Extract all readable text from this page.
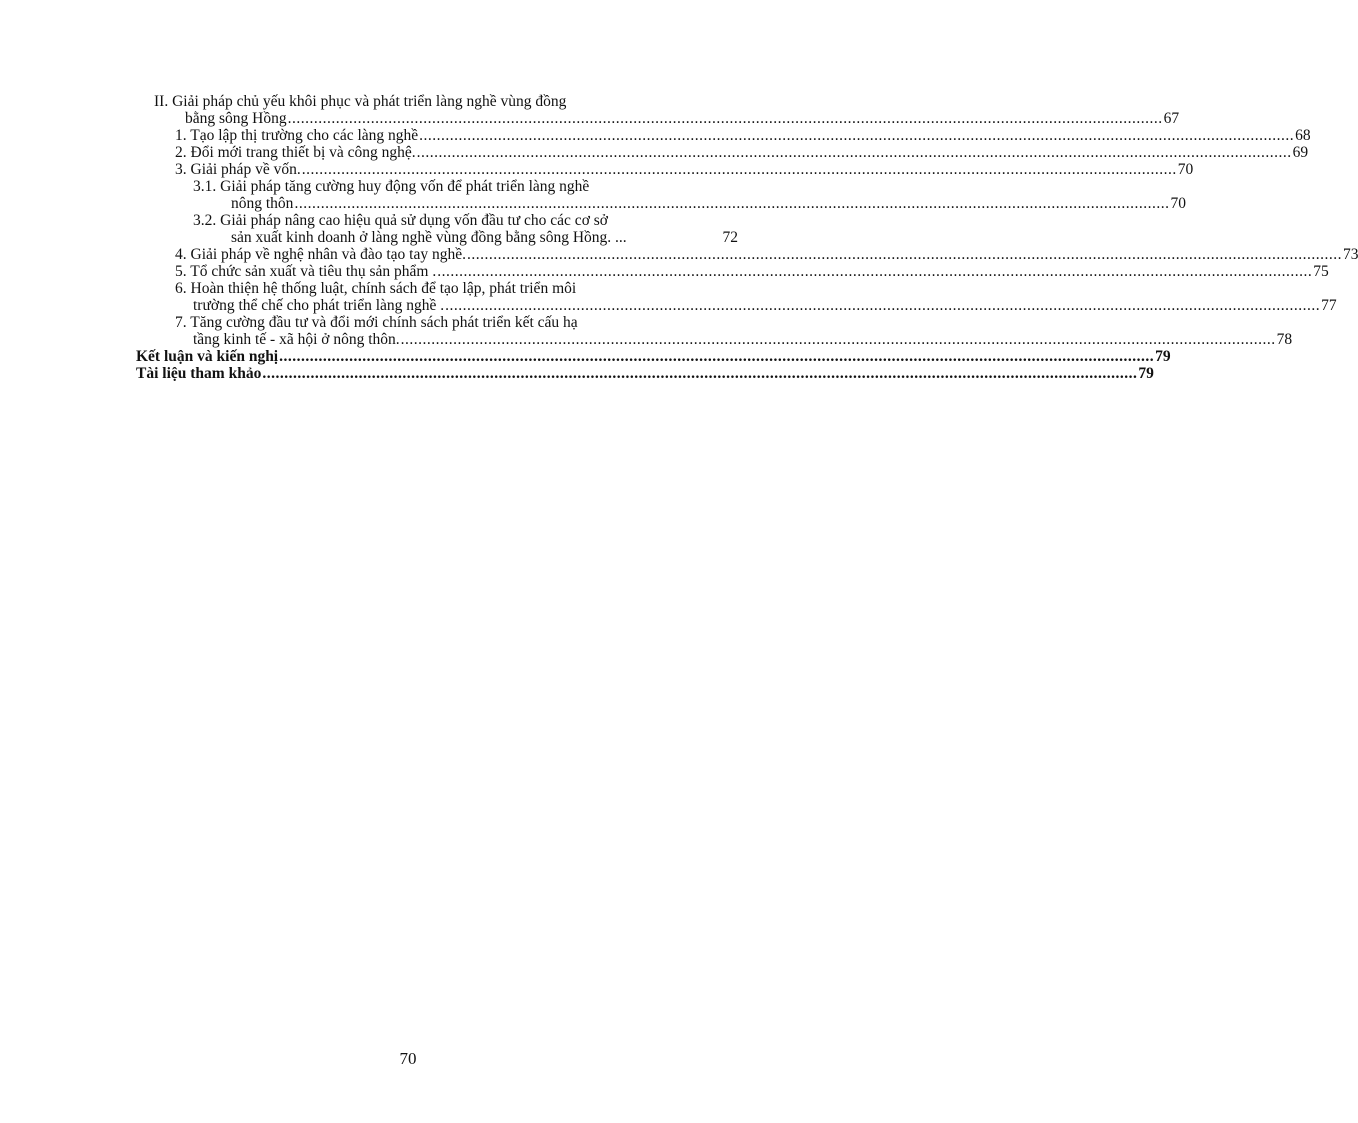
II. Giải pháp chủ yếu khôi phục và phát triển làng nghề vùng đồng
bằng sông Hồng ........................................................................................................................................................................................................ 67
1. Tạo lập thị trường cho các làng nghề ........................................................................................................................................................................................................ 68
2. Đổi mới trang thiết bị và công nghệ. ........................................................................................................................................................................................................ 69
3. Giải pháp về vốn. ........................................................................................................................................................................................................ 70
3.1. Giải pháp tăng cường huy động vốn để phát triển làng nghề
nông thôn ........................................................................................................................................................................................................ 70
3.2. Giải pháp nâng cao hiệu quả sử dụng vốn đầu tư cho các cơ sở
sản xuất kinh doanh ở làng nghề vùng đồng bằng sông Hồng. ...	72
4. Giải pháp về nghệ nhân và đào tạo tay nghề. ........................................................................................................................................................................................................ 73
5. Tổ chức sản xuất và tiêu thụ sản phẩm . ........................................................................................................................................................................................................ 75
6. Hoàn thiện hệ thống luật, chính sách để tạo lập, phát triển môi
trường thể chế cho phát triển làng nghề . ........................................................................................................................................................................................................ 77
7. Tăng cường đầu tư và đổi mới chính sách phát triển kết cấu hạ
tầng kinh tế - xã hội ở nông thôn. ........................................................................................................................................................................................................ 78
Kết luận và kiến nghị ........................................................................................................................................................................................................ 79
Tài liệu tham khảo ........................................................................................................................................................................................................ 79
70
